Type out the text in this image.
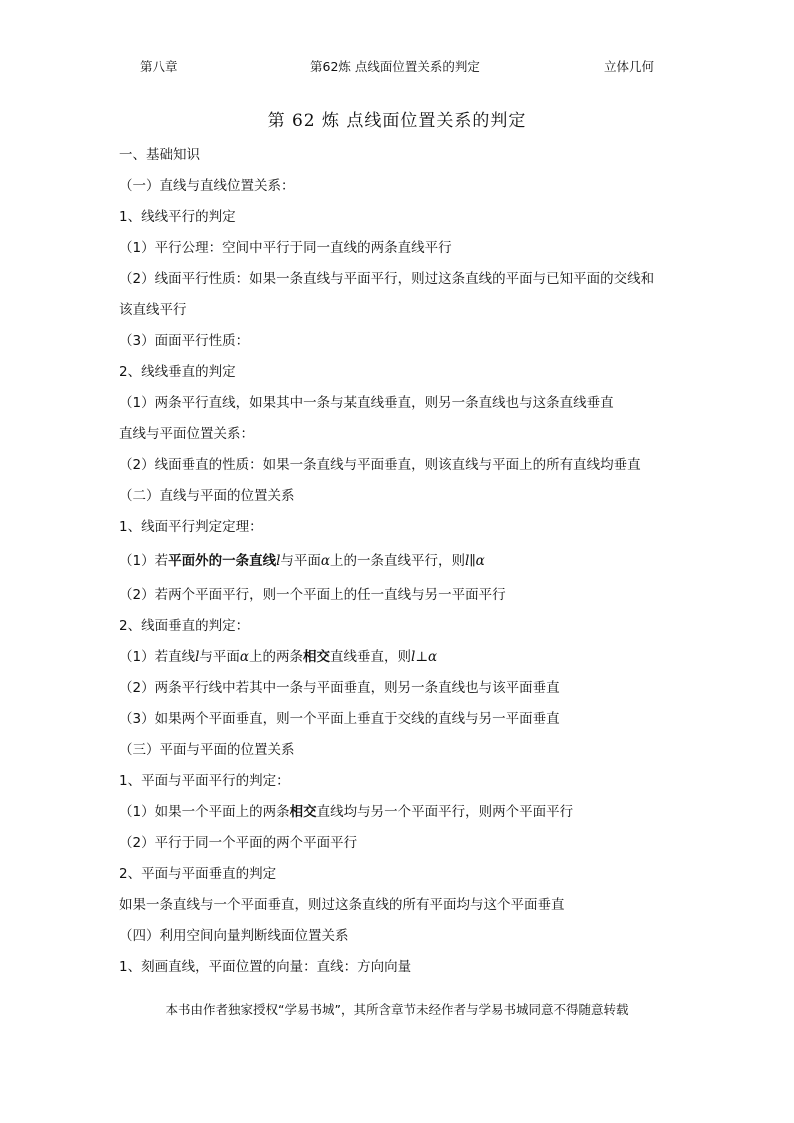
第八章	第62炼 点线面位置关系的判定	立体几何
第 62 炼 点线面位置关系的判定
一、基础知识
（一）直线与直线位置关系：
1、线线平行的判定
（1）平行公理：空间中平行于同一直线的两条直线平行
（2）线面平行性质：如果一条直线与平面平行，则过这条直线的平面与已知平面的交线和
该直线平行
（3）面面平行性质：
2、线线垂直的判定
（1）两条平行直线，如果其中一条与某直线垂直，则另一条直线也与这条直线垂直
直线与平面位置关系：
（2）线面垂直的性质：如果一条直线与平面垂直，则该直线与平面上的所有直线均垂直
（二）直线与平面的位置关系
1、线面平行判定定理：
（1）若平面外的一条直线l与平面α上的一条直线平行，则l∥α
（2）若两个平面平行，则一个平面上的任一直线与另一平面平行
2、线面垂直的判定：
（1）若直线l与平面α上的两条相交直线垂直，则l⊥α
（2）两条平行线中若其中一条与平面垂直，则另一条直线也与该平面垂直
（3）如果两个平面垂直，则一个平面上垂直于交线的直线与另一平面垂直
（三）平面与平面的位置关系
1、平面与平面平行的判定：
（1）如果一个平面上的两条相交直线均与另一个平面平行，则两个平面平行
（2）平行于同一个平面的两个平面平行
2、平面与平面垂直的判定
如果一条直线与一个平面垂直，则过这条直线的所有平面均与这个平面垂直
（四）利用空间向量判断线面位置关系
1、刻画直线，平面位置的向量：直线：方向向量
本书由作者独家授权“学易书城”，其所含章节未经作者与学易书城同意不得随意转载
